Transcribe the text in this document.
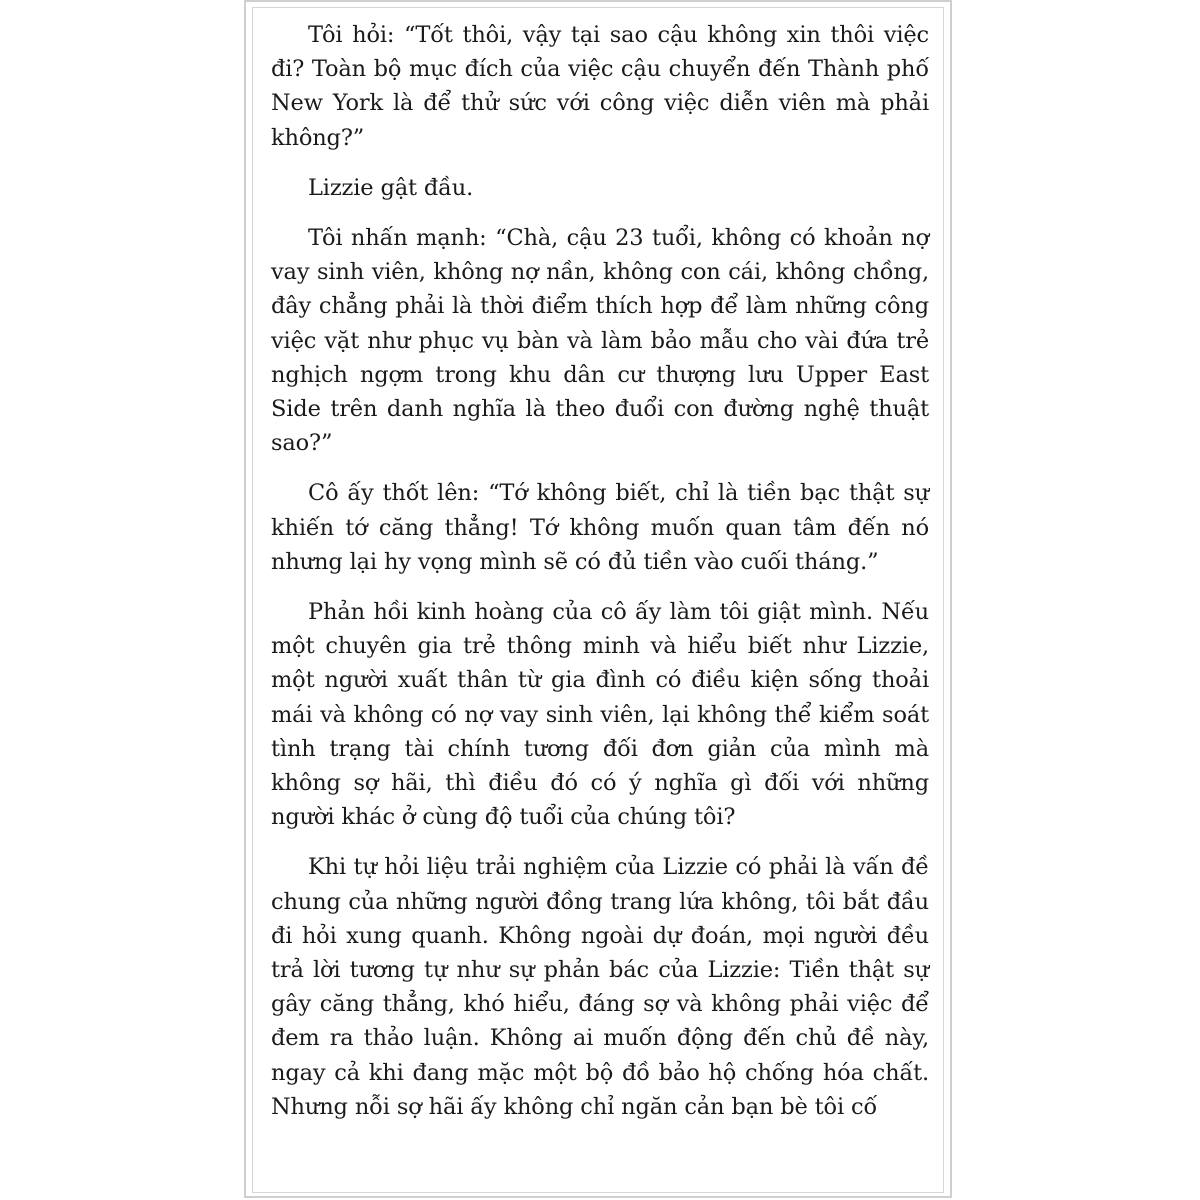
Tôi hỏi: “Tốt thôi, vậy tại sao cậu không xin thôi việc đi? Toàn bộ mục đích của việc cậu chuyển đến Thành phố New York là để thử sức với công việc diễn viên mà phải không?”

Lizzie gật đầu.

Tôi nhấn mạnh: “Chà, cậu 23 tuổi, không có khoản nợ vay sinh viên, không nợ nần, không con cái, không chồng, đây chẳng phải là thời điểm thích hợp để làm những công việc vặt như phục vụ bàn và làm bảo mẫu cho vài đứa trẻ nghịch ngợm trong khu dân cư thượng lưu Upper East Side trên danh nghĩa là theo đuổi con đường nghệ thuật sao?”

Cô ấy thốt lên: “Tớ không biết, chỉ là tiền bạc thật sự khiến tớ căng thẳng! Tớ không muốn quan tâm đến nó nhưng lại hy vọng mình sẽ có đủ tiền vào cuối tháng.”

Phản hồi kinh hoàng của cô ấy làm tôi giật mình. Nếu một chuyên gia trẻ thông minh và hiểu biết như Lizzie, một người xuất thân từ gia đình có điều kiện sống thoải mái và không có nợ vay sinh viên, lại không thể kiểm soát tình trạng tài chính tương đối đơn giản của mình mà không sợ hãi, thì điều đó có ý nghĩa gì đối với những người khác ở cùng độ tuổi của chúng tôi?

Khi tự hỏi liệu trải nghiệm của Lizzie có phải là vấn đề chung của những người đồng trang lứa không, tôi bắt đầu đi hỏi xung quanh. Không ngoài dự đoán, mọi người đều trả lời tương tự như sự phản bác của Lizzie: Tiền thật sự gây căng thẳng, khó hiểu, đáng sợ và không phải việc để đem ra thảo luận. Không ai muốn động đến chủ đề này, ngay cả khi đang mặc một bộ đồ bảo hộ chống hóa chất. Nhưng nỗi sợ hãi ấy không chỉ ngăn cản bạn bè tôi cố
